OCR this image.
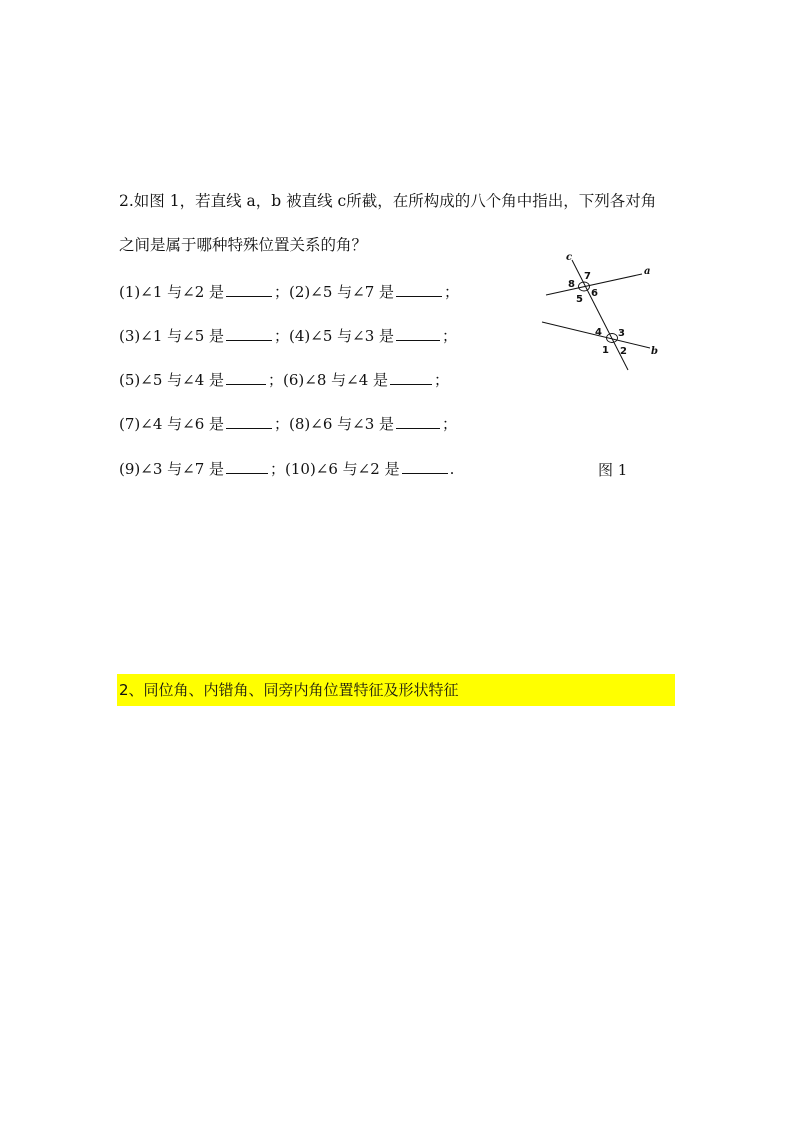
2.如图 1，若直线 a，b 被直线 c所截，在所构成的八个角中指出，下列各对角
之间是属于哪种特殊位置关系的角？
(1)∠1 与∠2 是	；(2)∠5 与∠7 是	；
(3)∠1 与∠5 是	；(4)∠5 与∠3 是	；
(5)∠5 与∠4 是	；(6)∠8 与∠4 是	；
(7)∠4 与∠6 是	；(8)∠6 与∠3 是	；
(9)∠3 与∠7 是	；(10)∠6 与∠2 是	.
c
a
b
7
8
6
5
4 3
1 2
图 1
2、同位角、内错角、同旁内角位置特征及形状特征
